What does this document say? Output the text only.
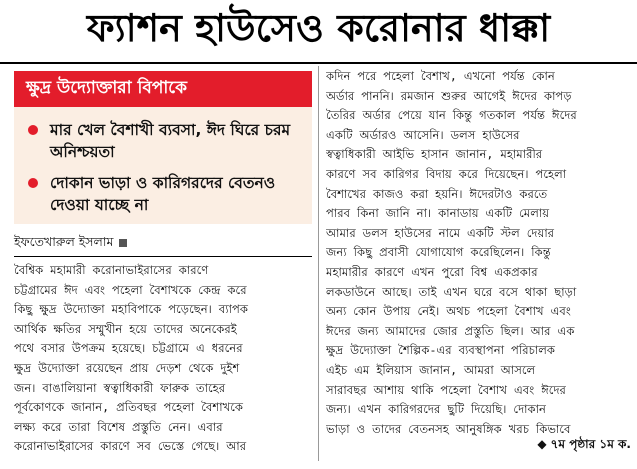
ফ্যাশন হাউসেও করোনার ধাক্কা
ক্ষুদ্র উদ্যোক্তারা বিপাকে
মার খেল বৈশাখী ব্যবসা, ঈদ ঘিরে চরম অনিশ্চয়তা
দোকান ভাড়া ও কারিগরদের বেতনও দেওয়া যাচ্ছে না
ইফতেখারুল ইসলাম
বৈশ্বিক মহামারী করোনাভাইরাসের কারণে
চট্টগ্রামের ঈদ এবং পহেলা বৈশাখকে কেন্দ্র করে
কিছু ক্ষুদ্র উদ্যোক্তা মহাবিপাকে পড়েছেন। ব্যাপক
আর্থিক ক্ষতির সম্মুখীন হয়ে তাদের অনেকেরই
পথে বসার উপক্রম হয়েছে। চট্টগ্রামে এ ধরনের
ক্ষুদ্র উদ্যোক্তা রয়েছেন প্রায় দেড়শ থেকে দুইশ
জন। বাঙালিয়ানা স্বত্বাধিকারী ফারুক তাহের
পূর্বকোণকে জানান, প্রতিবছর পহেলা বৈশাখকে
লক্ষ্য করে তারা বিশেষ প্রস্তুতি নেন। এবার
করোনাভাইরাসের কারণে সব ভেস্তে গেছে। আর
কদিন পরে পহেলা বৈশাখ, এখনো পর্যন্ত কোন
অর্ডার পাননি। রমজান শুরুর আগেই ঈদের কাপড়
তৈরির অর্ডার পেয়ে যান কিন্তু গতকাল পর্যন্ত ঈদের
একটি অর্ডারও আসেনি। ডলস হাউসের
স্বত্বাধিকারী আইভি হাসান জানান, মহামারীর
কারণে সব কারিগর বিদায় করে দিয়েছেন। পহেলা
বৈশাখের কাজও করা হয়নি। ঈদেরটাও করতে
পারব কিনা জানি না। কানাডায় একটি মেলায়
আমার ডলস হাউসের নামে একটি স্টল দেয়ার
জন্য কিছু প্রবাসী যোগাযোগ করেছিলেন। কিন্তু
মহামারীর কারণে এখন পুরো বিশ্ব একপ্রকার
লকডাউনে আছে। তাই এখন ঘরে বসে থাকা ছাড়া
অন্য কোন উপায় নেই। অথচ পহেলা বৈশাখ এবং
ঈদের জন্য আমাদের জোর প্রস্তুতি ছিল। আর এক
ক্ষুদ্র উদ্যোক্তা শৈল্পিক-এর ব্যবস্থাপনা পরিচালক
এইচ এম ইলিয়াস জানান, আমরা আসলে
সারাবছর আশায় থাকি পহেলা বৈশাখ এবং ঈদের
জন্য। এখন কারিগরদের ছুটি দিয়েছি। দোকান
ভাড়া ও তাদের বেতনসহ আনুষঙ্গিক খরচ কিভাবে
◆ ৭ম পৃষ্ঠার ১ম ক.
